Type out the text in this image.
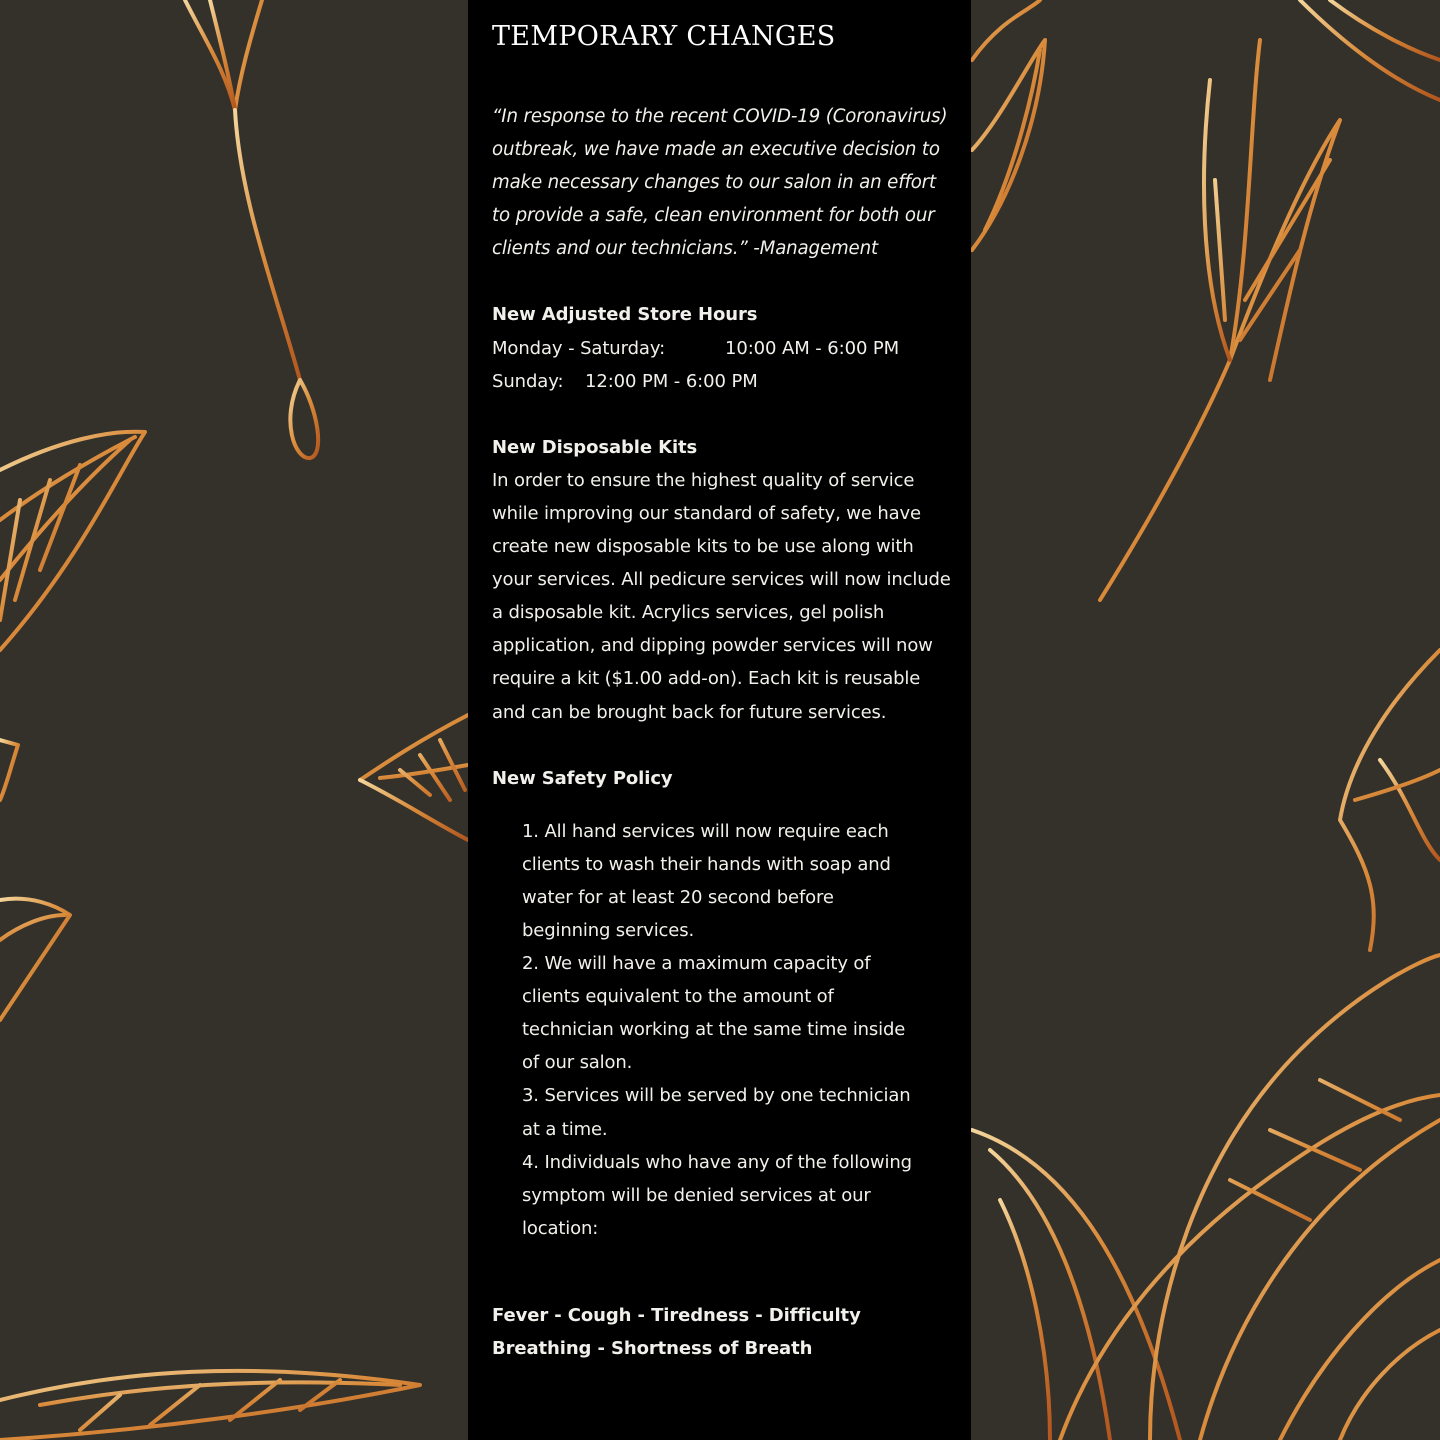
TEMPORARY CHANGES
“In response to the recent COVID-19 (Coronavirus) outbreak, we have made an executive decision to make necessary changes to our salon in an effort to provide a safe, clean environment for both our clients and our technicians.” -Management
New Adjusted Store Hours
Monday - Saturday:	10:00 AM - 6:00 PM
Sunday:	12:00 PM - 6:00 PM
New Disposable Kits
In order to ensure the highest quality of service while improving our standard of safety, we have create new disposable kits to be use along with your services. All pedicure services will now include a disposable kit. Acrylics services, gel polish application, and dipping powder services will now require a kit ($1.00 add-on). Each kit is reusable and can be brought back for future services.
New Safety Policy

1. All hand services will now require each clients to wash their hands with soap and water for at least 20 second before beginning services.

2. We will have a maximum capacity of clients equivalent to the amount of technician working at the same time inside of our salon.

3. Services will be served by one technician at a time.

4. Individuals who have any of the following symptom will be denied services at our location:

Fever - Cough - Tiredness - Difficulty Breathing - Shortness of Breath
